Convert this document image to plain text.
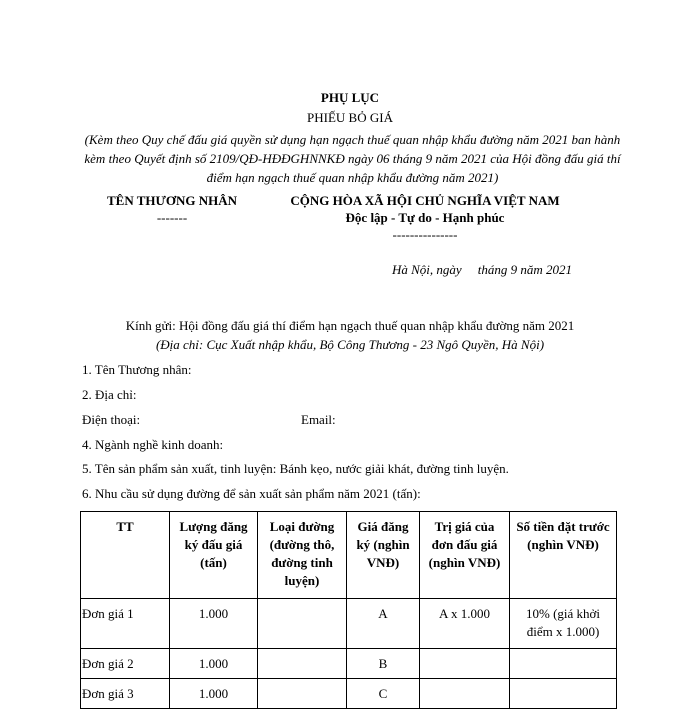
PHỤ LỤC
PHIẾU BỎ GIÁ
(Kèm theo Quy chế đấu giá quyền sử dụng hạn ngạch thuế quan nhập khẩu đường năm 2021 ban hành kèm theo Quyết định số 2109/QĐ-HĐĐGHNNKĐ ngày 06 tháng 9 năm 2021 của Hội đồng đấu giá thí điểm hạn ngạch thuế quan nhập khẩu đường năm 2021)
TÊN THƯƠNG NHÂN
-------
CỘNG HÒA XÃ HỘI CHỦ NGHĨA VIỆT NAM
Độc lập - Tự do - Hạnh phúc
---------------
Hà Nội, ngày tháng 9 năm 2021
Kính gửi: Hội đồng đấu giá thí điểm hạn ngạch thuế quan nhập khẩu đường năm 2021
(Địa chỉ: Cục Xuất nhập khẩu, Bộ Công Thương - 23 Ngô Quyền, Hà Nội)
1. Tên Thương nhân:
2. Địa chỉ:
Điện thoại:	Email:
4. Ngành nghề kinh doanh:
5. Tên sản phẩm sản xuất, tinh luyện: Bánh kẹo, nước giải khát, đường tinh luyện.
6. Nhu cầu sử dụng đường để sản xuất sản phẩm năm 2021 (tấn):
TT	Lượng đăng ký đấu giá (tấn)	Loại đường (đường thô, đường tinh luyện)	Giá đăng ký (nghìn VNĐ)	Trị giá của đơn đấu giá (nghìn VNĐ)	Số tiền đặt trước (nghìn VNĐ)
Đơn giá 1	1.000		A	A x 1.000	10% (giá khởi điểm x 1.000)
Đơn giá 2	1.000		B		
Đơn giá 3	1.000		C		
